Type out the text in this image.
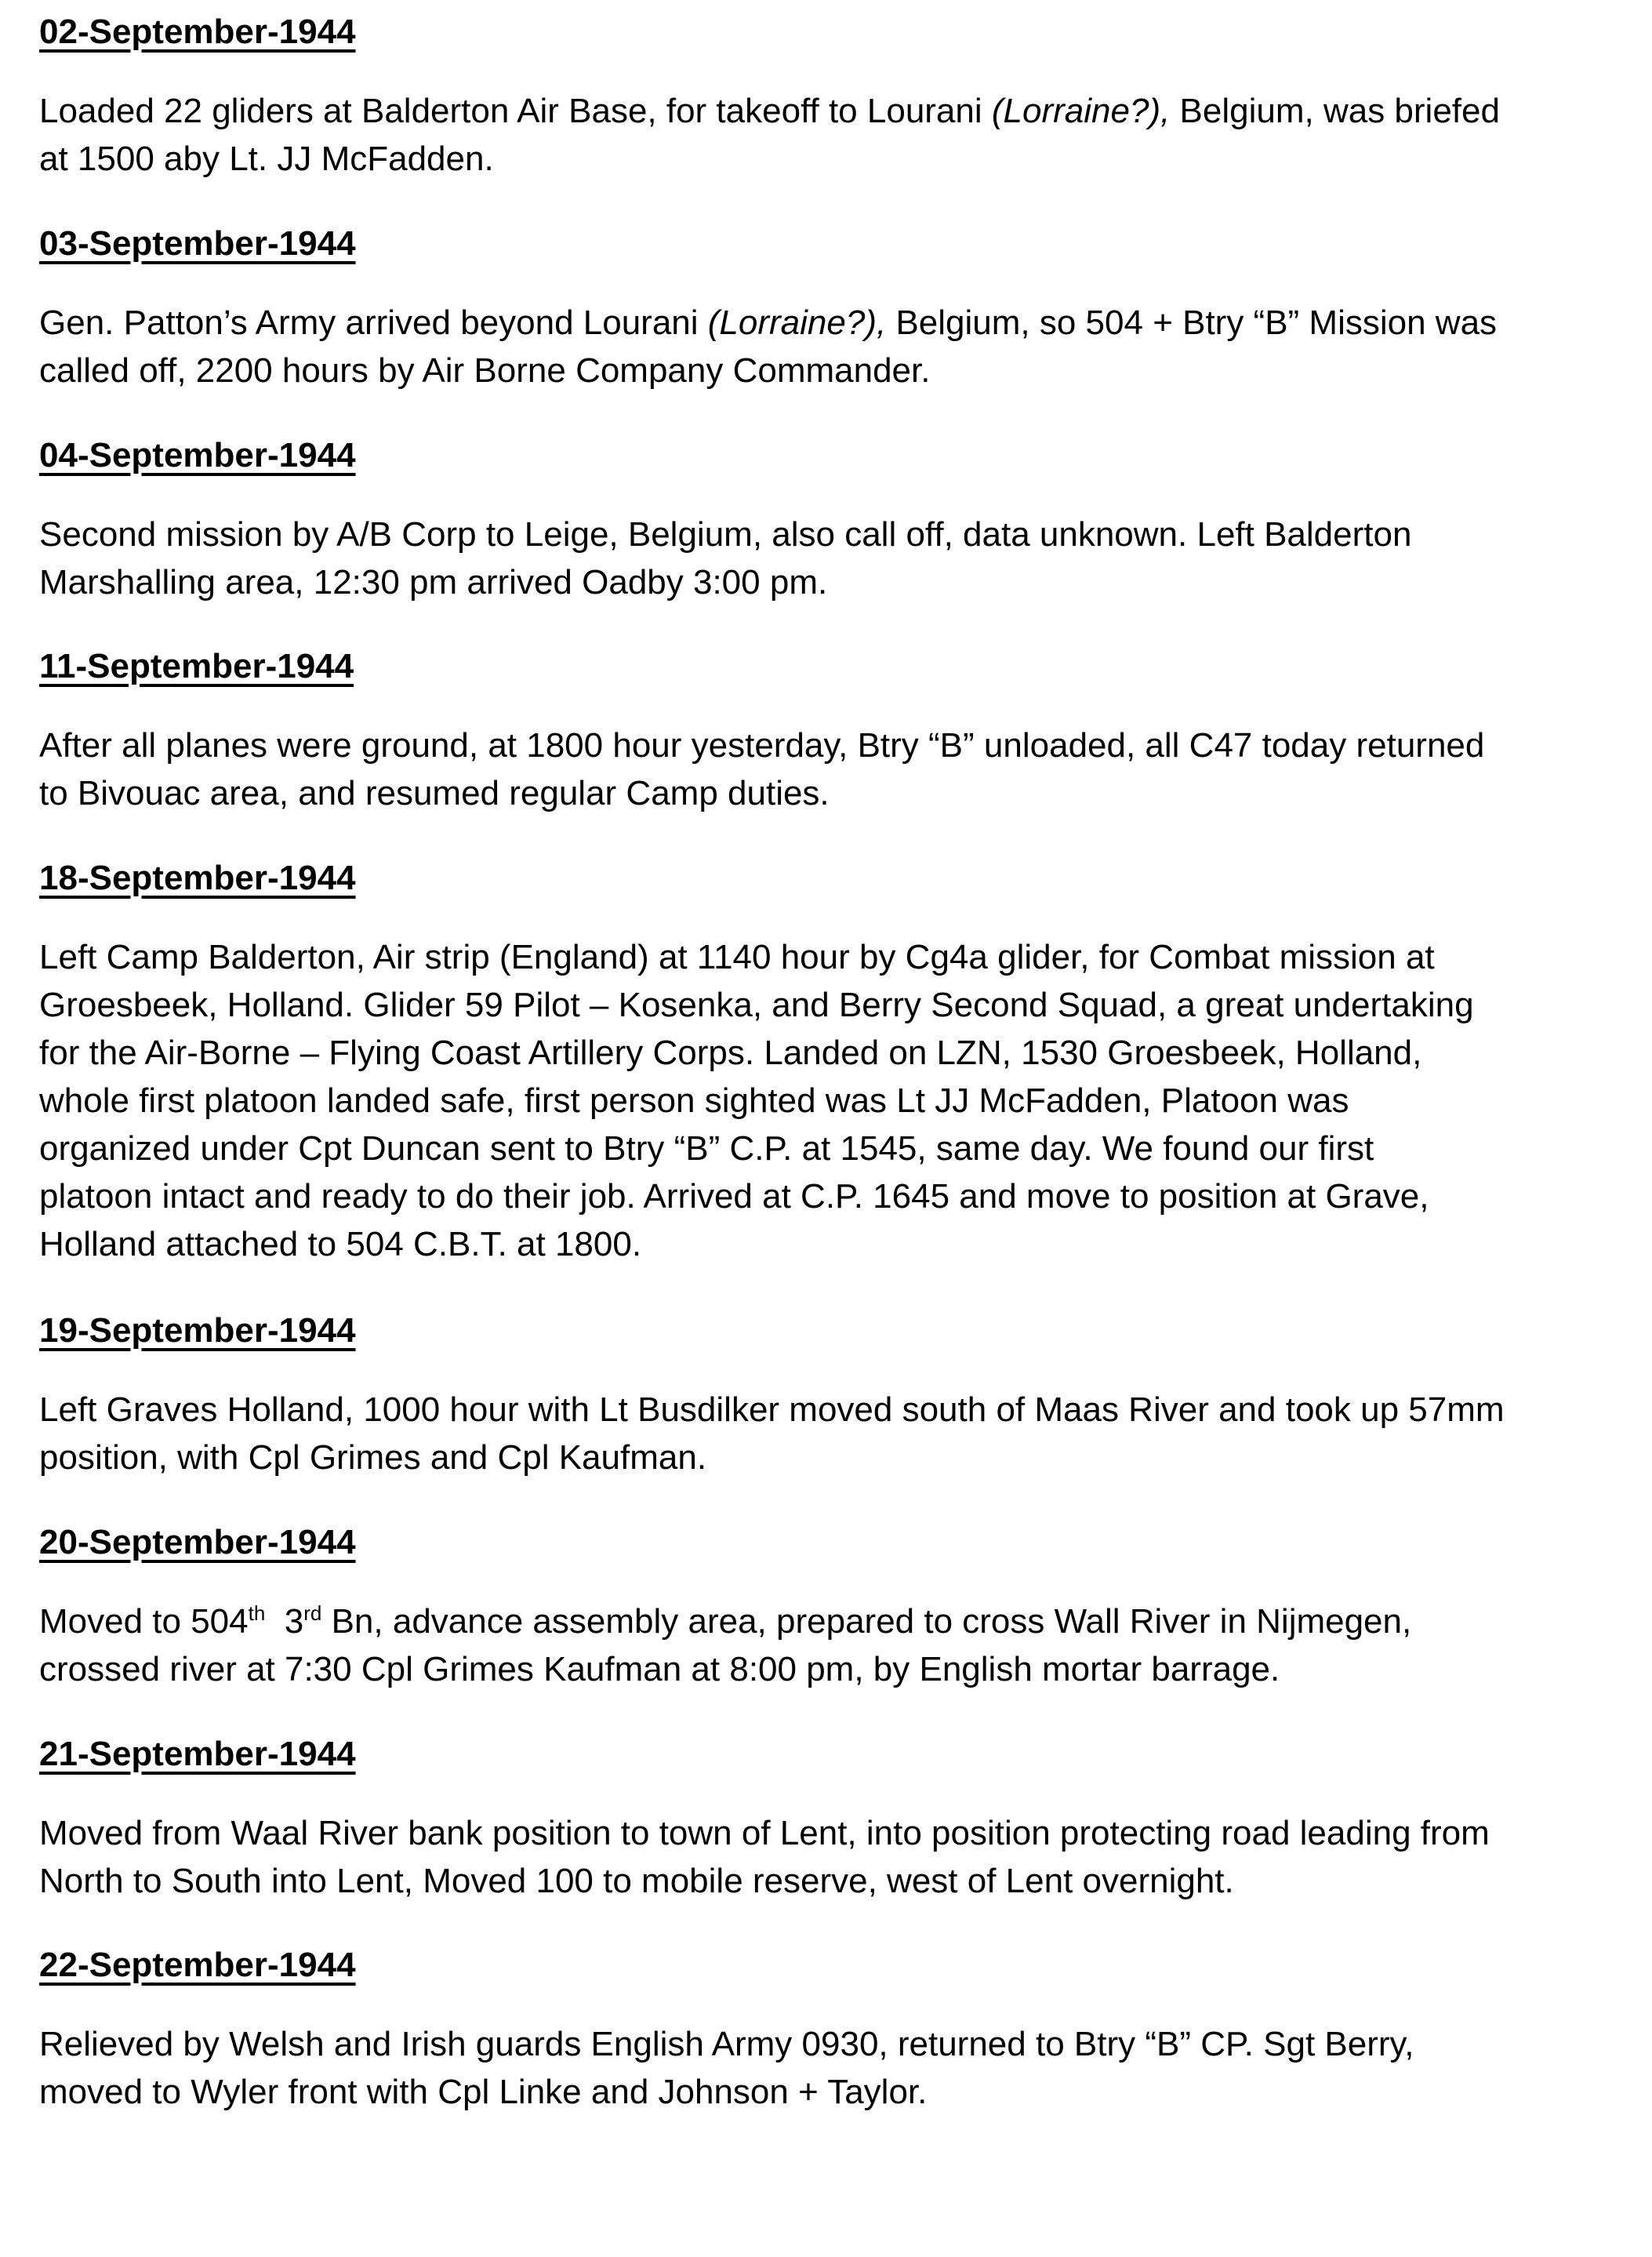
02-September-1944
Loaded 22 gliders at Balderton Air Base, for takeoff to Lourani (Lorraine?), Belgium, was briefed
at 1500 aby Lt. JJ McFadden.
03-September-1944
Gen. Patton’s Army arrived beyond Lourani (Lorraine?), Belgium, so 504 + Btry “B” Mission was
called off, 2200 hours by Air Borne Company Commander.
04-September-1944
Second mission by A/B Corp to Leige, Belgium, also call off, data unknown. Left Balderton
Marshalling area, 12:30 pm arrived Oadby 3:00 pm.
11-September-1944
After all planes were ground, at 1800 hour yesterday, Btry “B” unloaded, all C47 today returned
to Bivouac area, and resumed regular Camp duties.
18-September-1944
Left Camp Balderton, Air strip (England) at 1140 hour by Cg4a glider, for Combat mission at
Groesbeek, Holland. Glider 59 Pilot – Kosenka, and Berry Second Squad, a great undertaking
for the Air-Borne – Flying Coast Artillery Corps. Landed on LZN, 1530 Groesbeek, Holland,
whole first platoon landed safe, first person sighted was Lt JJ McFadden, Platoon was
organized under Cpt Duncan sent to Btry “B” C.P. at 1545, same day. We found our first
platoon intact and ready to do their job. Arrived at C.P. 1645 and move to position at Grave,
Holland attached to 504 C.B.T. at 1800.
19-September-1944
Left Graves Holland, 1000 hour with Lt Busdilker moved south of Maas River and took up 57mm
position, with Cpl Grimes and Cpl Kaufman.
20-September-1944
Moved to 504th  3rd Bn, advance assembly area, prepared to cross Wall River in Nijmegen,
crossed river at 7:30 Cpl Grimes Kaufman at 8:00 pm, by English mortar barrage.
21-September-1944
Moved from Waal River bank position to town of Lent, into position protecting road leading from
North to South into Lent, Moved 100 to mobile reserve, west of Lent overnight.
22-September-1944
Relieved by Welsh and Irish guards English Army 0930, returned to Btry “B” CP. Sgt Berry,
moved to Wyler front with Cpl Linke and Johnson + Taylor.
